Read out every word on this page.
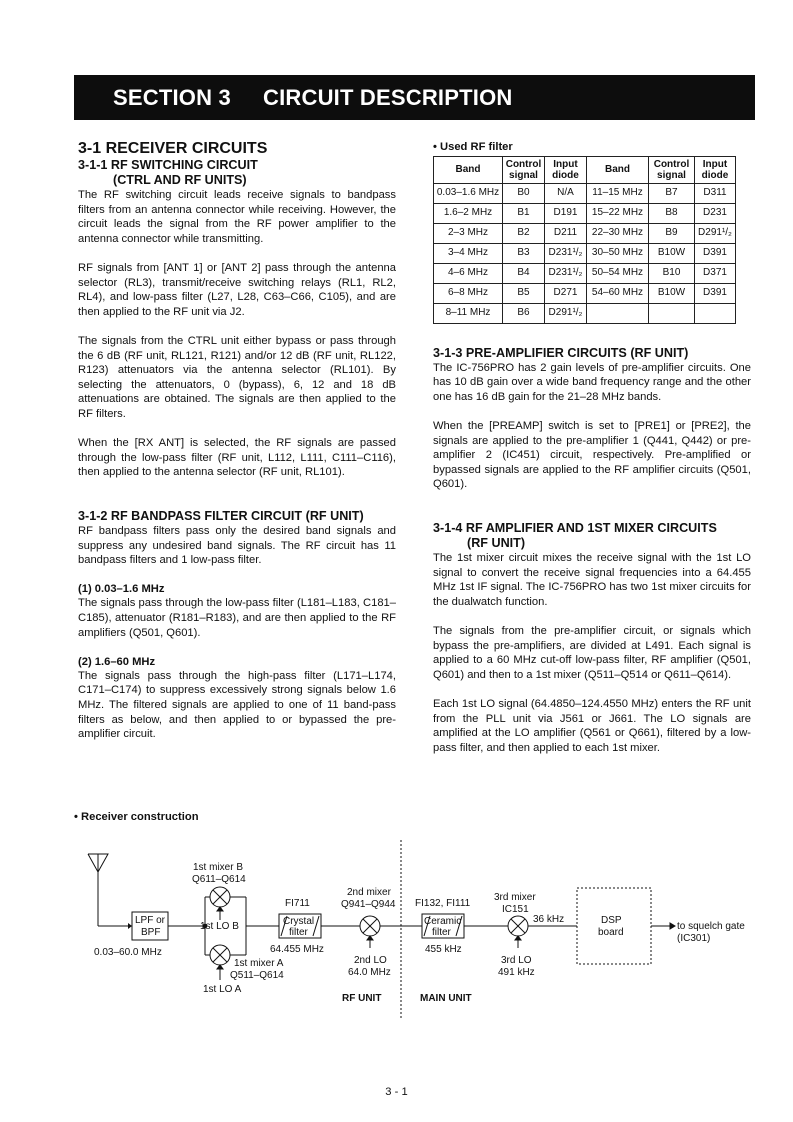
SECTION 3 CIRCUIT DESCRIPTION
3-1 RECEIVER CIRCUITS
3-1-1 RF SWITCHING CIRCUIT
(CTRL AND RF UNITS)

The RF switching circuit leads receive signals to bandpass filters from an antenna connector while receiving. However, the circuit leads the signal from the RF power amplifier to the antenna connector while transmitting.

RF signals from [ANT 1] or [ANT 2] pass through the antenna selector (RL3), transmit/receive switching relays (RL1, RL2, RL4), and low-pass filter (L27, L28, C63–C66, C105), and are then applied to the RF unit via J2.

The signals from the CTRL unit either bypass or pass through the 6 dB (RF unit, RL121, R121) and/or 12 dB (RF unit, RL122, R123) attenuators via the antenna selector (RL101). By selecting the attenuators, 0 (bypass), 6, 12 and 18 dB attenuations are obtained. The signals are then applied to the RF filters.

When the [RX ANT] is selected, the RF signals are passed through the low-pass filter (RF unit, L112, L111, C111–C116), then applied to the antenna selector (RF unit, RL101).

3-1-2 RF BANDPASS FILTER CIRCUIT (RF UNIT)

RF bandpass filters pass only the desired band signals and suppress any undesired band signals. The RF circuit has 11 bandpass filters and 1 low-pass filter.

(1) 0.03–1.6 MHz

The signals pass through the low-pass filter (L181–L183, C181–C185), attenuator (R181–R183), and are then applied to the RF amplifiers (Q501, Q601).

(2) 1.6–60 MHz

The signals pass through the high-pass filter (L171–L174, C171–C174) to suppress excessively strong signals below 1.6 MHz. The filtered signals are applied to one of 11 band-pass filters as below, and then applied to or bypassed the pre-amplifier circuit.

• Used RF filter
Band	Control signal	Input diode	Band	Control signal	Input diode
0.03–1.6 MHz	B0	N/A	11–15 MHz	B7	D311
1.6–2 MHz	B1	D191	15–22 MHz	B8	D231
2–3 MHz	B2	D211	22–30 MHz	B9	D291¹/₂
3–4 MHz	B3	D231¹/₂	30–50 MHz	B10W	D391
4–6 MHz	B4	D231¹/₂	50–54 MHz	B10	D371
6–8 MHz	B5	D271	54–60 MHz	B10W	D391
8–11 MHz	B6	D291¹/₂			
3-1-3 PRE-AMPLIFIER CIRCUITS (RF UNIT)

The IC-756PRO has 2 gain levels of pre-amplifier circuits. One has 10 dB gain over a wide band frequency range and the other one has 16 dB gain for the 21–28 MHz bands.

When the [PREAMP] switch is set to [PRE1] or [PRE2], the signals are applied to the pre-amplifier 1 (Q441, Q442) or pre-amplifier 2 (IC451) circuit, respectively. Pre-amplified or bypassed signals are applied to the RF amplifier circuits (Q501, Q601).

3-1-4 RF AMPLIFIER AND 1ST MIXER CIRCUITS
(RF UNIT)

The 1st mixer circuit mixes the receive signal with the 1st LO signal to convert the receive signal frequencies into a 64.455 MHz 1st IF signal. The IC-756PRO has two 1st mixer circuits for the dualwatch function.

The signals from the pre-amplifier circuit, or signals which bypass the pre-amplifiers, are divided at L491. Each signal is applied to a 60 MHz cut-off low-pass filter, RF amplifier (Q501, Q601) and then to a 1st mixer (Q511–Q514 or Q611–Q614).

Each 1st LO signal (64.4850–124.4550 MHz) enters the RF unit from the PLL unit via J561 or J661. The LO signals are amplified at the LO amplifier (Q561 or Q661), filtered by a low-pass filter, and then applied to each 1st mixer.

• Receiver construction
LPF or
BPF
0.03–60.0 MHz
1st mixer B
Q611–Q614
1st LO B
1st mixer A
Q511–Q614
1st LO A
FI711
Crystal
filter
64.455 MHz
2nd mixer
Q941–Q944
2nd LO
64.0 MHz
FI132, FI111
Ceramic
filter
455 kHz
3rd mixer
IC151
36 kHz
3rd LO
491 kHz
DSP
board
to squelch gate
(IC301)
RF UNIT	MAIN UNIT
3 - 1
